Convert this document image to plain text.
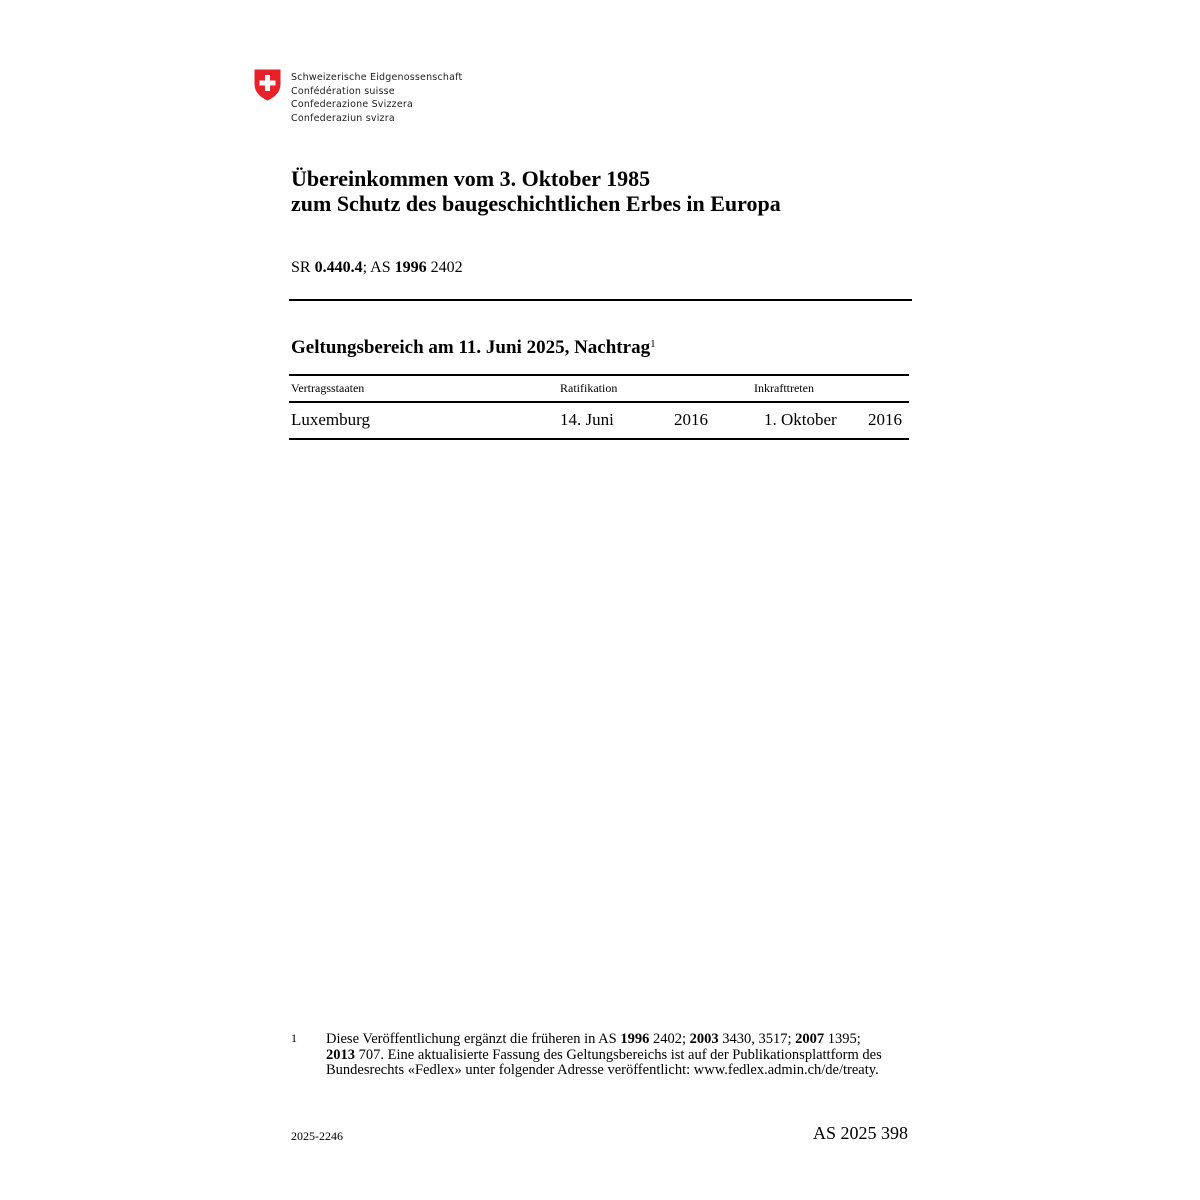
Schweizerische Eidgenossenschaft
Confédération suisse
Confederazione Svizzera
Confederaziun svizra
Übereinkommen vom 3. Oktober 1985
zum Schutz des baugeschichtlichen Erbes in Europa
SR 0.440.4; AS 1996 2402
Geltungsbereich am 11. Juni 2025, Nachtrag$^1$
Vertragsstaaten	Ratifikation	Inkrafttreten
Luxemburg	14. Juni	2016	1. Oktober 2016
1 Diese Veröffentlichung ergänzt die früheren in AS 1996 2402; 2003 3430, 3517; 2007 1395; 2013 707. Eine aktualisierte Fassung des Geltungsbereichs ist auf der Publikationsplattform des Bundesrechts «Fedlex» unter folgender Adresse veröffentlicht: www.fedlex.admin.ch/de/treaty.
2025-2246	AS 2025 398
